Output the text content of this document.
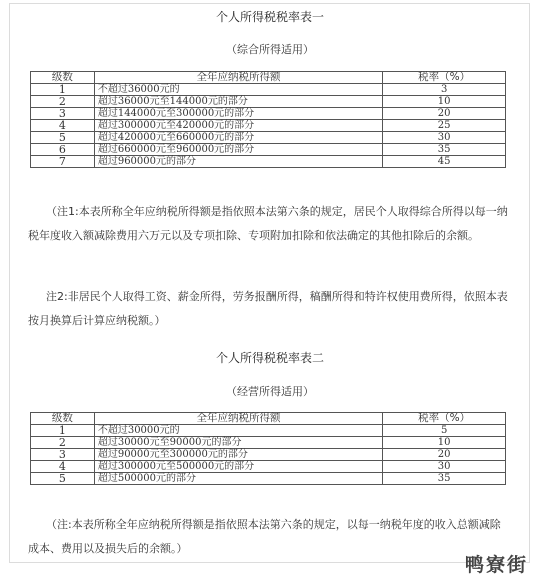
个人所得税税率表一
（综合所得适用）
级数	全年应纳税所得额	税率（%）
1	不超过36000元的	3
2	超过36000元至144000元的部分	10
3	超过144000元至300000元的部分	20
4	超过300000元至420000元的部分	25
5	超过420000元至660000元的部分	30
6	超过660000元至960000元的部分	35
7	超过960000元的部分	45

（注1:本表所称全年应纳税所得额是指依照本法第六条的规定，居民个人取得综合所得以每一纳税年度收入额减除费用六万元以及专项扣除、专项附加扣除和依法确定的其他扣除后的余额。

注2:非居民个人取得工资、薪金所得，劳务报酬所得，稿酬所得和特许权使用费所得，依照本表按月换算后计算应纳税额。）

个人所得税税率表二
（经营所得适用）
级数	全年应纳税所得额	税率（%）
1	不超过30000元的	5
2	超过30000元至90000元的部分	10
3	超过90000元至300000元的部分	20
4	超过300000元至500000元的部分	30
5	超过500000元的部分	35

（注:本表所称全年应纳税所得额是指依照本法第六条的规定，以每一纳税年度的收入总额减除成本、费用以及损失后的余额。）

鸭寮街
